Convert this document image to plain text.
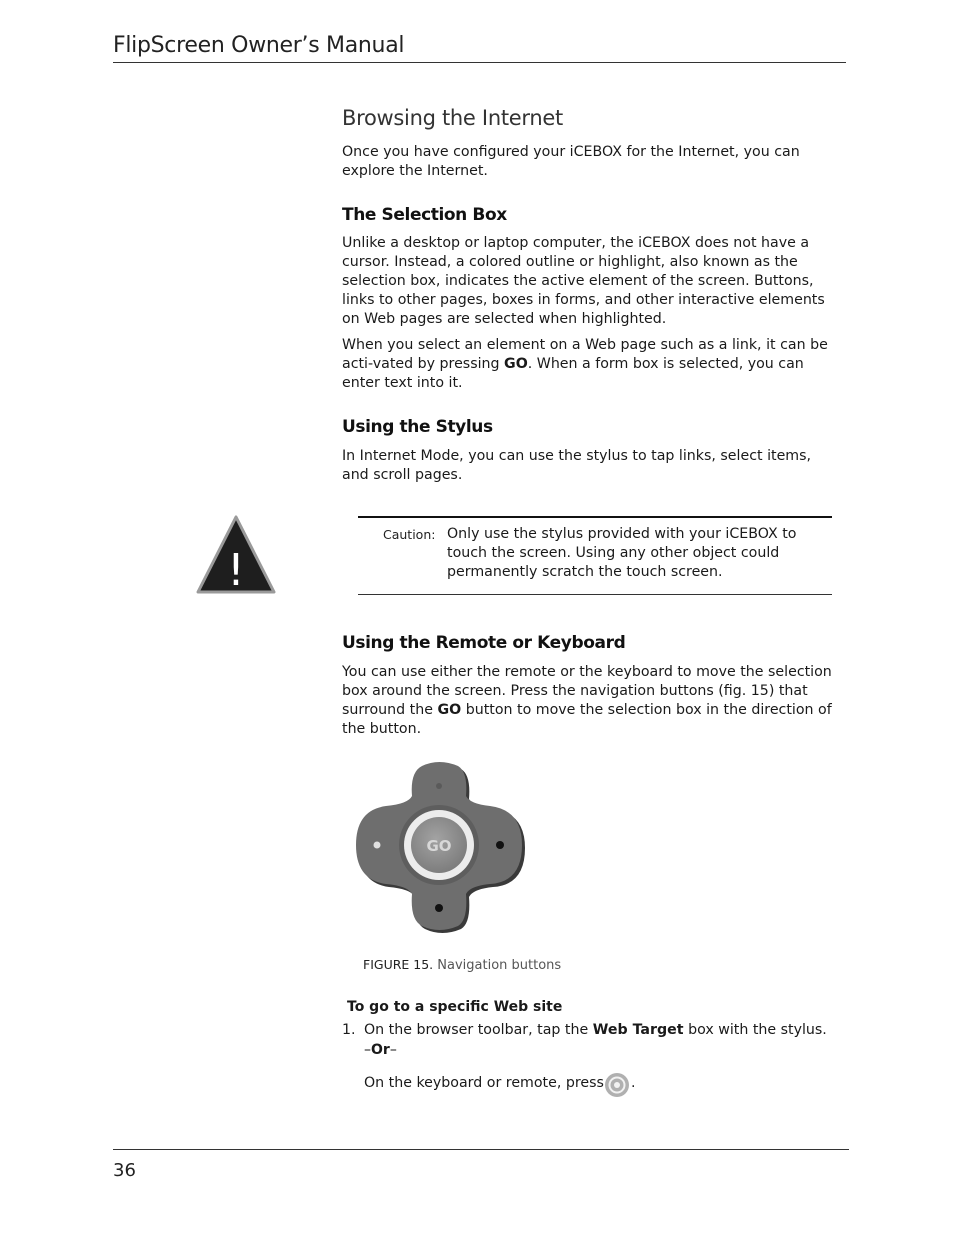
FlipScreen Owner’s Manual
Browsing the Internet

Once you have configured your iCEBOX for the Internet, you can explore the Internet.

The Selection Box

Unlike a desktop or laptop computer, the iCEBOX does not have a cursor. Instead, a colored outline or highlight, also known as the selection box, indicates the active element of the screen. Buttons, links to other pages, boxes in forms, and other interactive elements on Web pages are selected when highlighted.

When you select an element on a Web page such as a link, it can be acti-vated by pressing GO. When a form box is selected, you can enter text into it.

Using the Stylus

In Internet Mode, you can use the stylus to tap links, select items, and scroll pages.

!
Caution: Only use the stylus provided with your iCEBOX to touch the screen. Using any other object could permanently scratch the touch screen.
Using the Remote or Keyboard

You can use either the remote or the keyboard to move the selection box around the screen. Press the navigation buttons (fig. 15) that surround the GO button to move the selection box in the direction of the button.

GO
FIGURE 15. Navigation buttons
To go to a specific Web site
1. On the browser toolbar, tap the Web Target box with the stylus.
–Or–
On the keyboard or remote, press .
36
